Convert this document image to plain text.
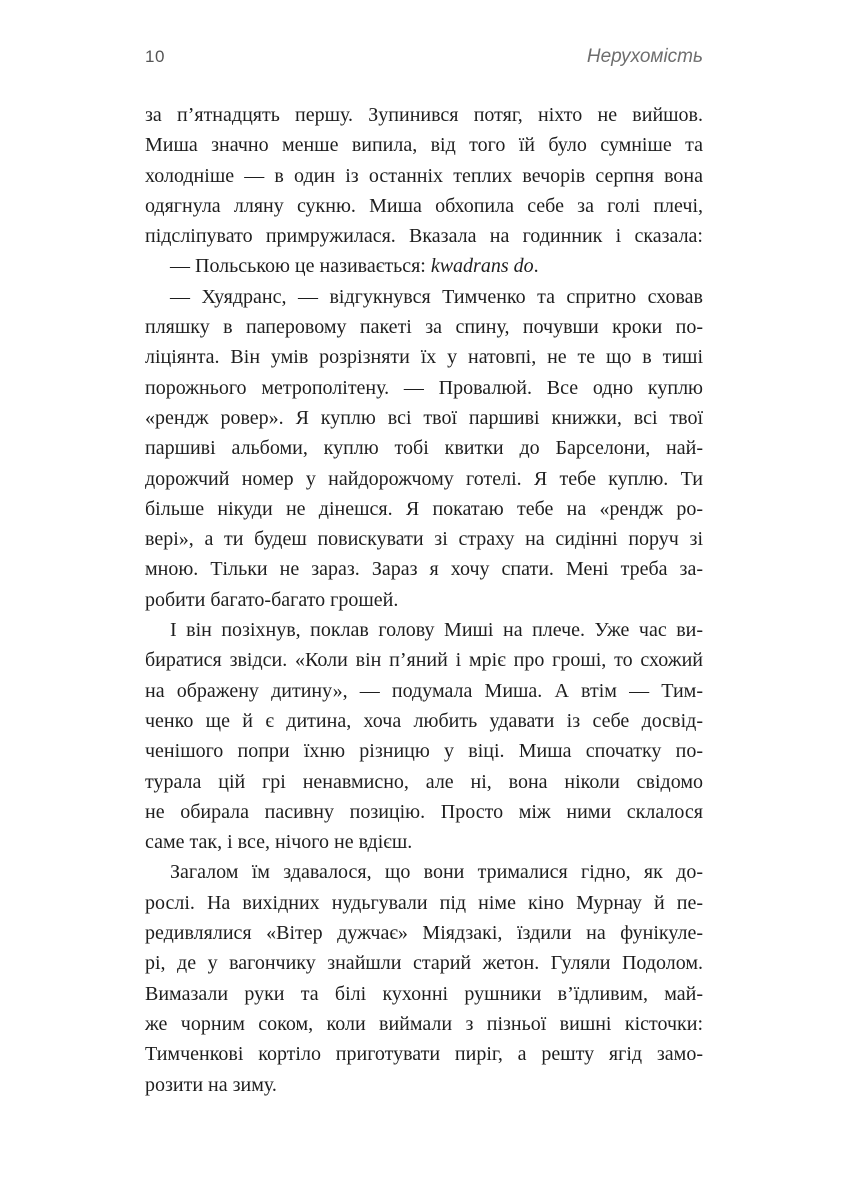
10	Нерухомість
за п’ятнадцять першу. Зупинився потяг, ніхто не вийшов.
Миша значно менше випила, від того їй було сумніше та
холодніше — в один із останніх теплих вечорів серпня вона
одягнула лляну сукню. Миша обхопила себе за голі плечі,
підсліпувато примружилася. Вказала на годинник і сказала:
— Польською це називається: kwadrans do.
— Хуядранс, — відгукнувся Тимченко та спритно сховав
пляшку в паперовому пакеті за спину, почувши кроки по-
ліціянта. Він умів розрізняти їх у натовпі, не те що в тиші
порожнього метрополітену. — Провалюй. Все одно куплю
«рендж ровер». Я куплю всі твої паршиві книжки, всі твої
паршиві альбоми, куплю тобі квитки до Барселони, най-
дорожчий номер у найдорожчому готелі. Я тебе куплю. Ти
більше нікуди не дінешся. Я покатаю тебе на «рендж ро-
вері», а ти будеш повискувати зі страху на сидінні поруч зі
мною. Тільки не зараз. Зараз я хочу спати. Мені треба за-
робити багато-багато грошей.
І він позіхнув, поклав голову Миші на плече. Уже час ви-
биратися звідси. «Коли він п’яний і мріє про гроші, то схожий
на ображену дитину», — подумала Миша. А втім — Тим-
ченко ще й є дитина, хоча любить удавати із себе досвід-
ченішого попри їхню різницю у віці. Миша спочатку по-
турала цій грі ненавмисно, але ні, вона ніколи свідомо
не обирала пасивну позицію. Просто між ними склалося
саме так, і все, нічого не вдієш.
Загалом їм здавалося, що вони трималися гідно, як до-
рослі. На вихідних нудьгували під німе кіно Мурнау й пе-
редивлялися «Вітер дужчає» Міядзакі, їздили на фунікуле-
рі, де у вагончику знайшли старий жетон. Гуляли Подолом.
Вимазали руки та білі кухонні рушники в’їдливим, май-
же чорним соком, коли виймали з пізньої вишні кісточки:
Тимченкові кортіло приготувати пиріг, а решту ягід замо-
розити на зиму.
